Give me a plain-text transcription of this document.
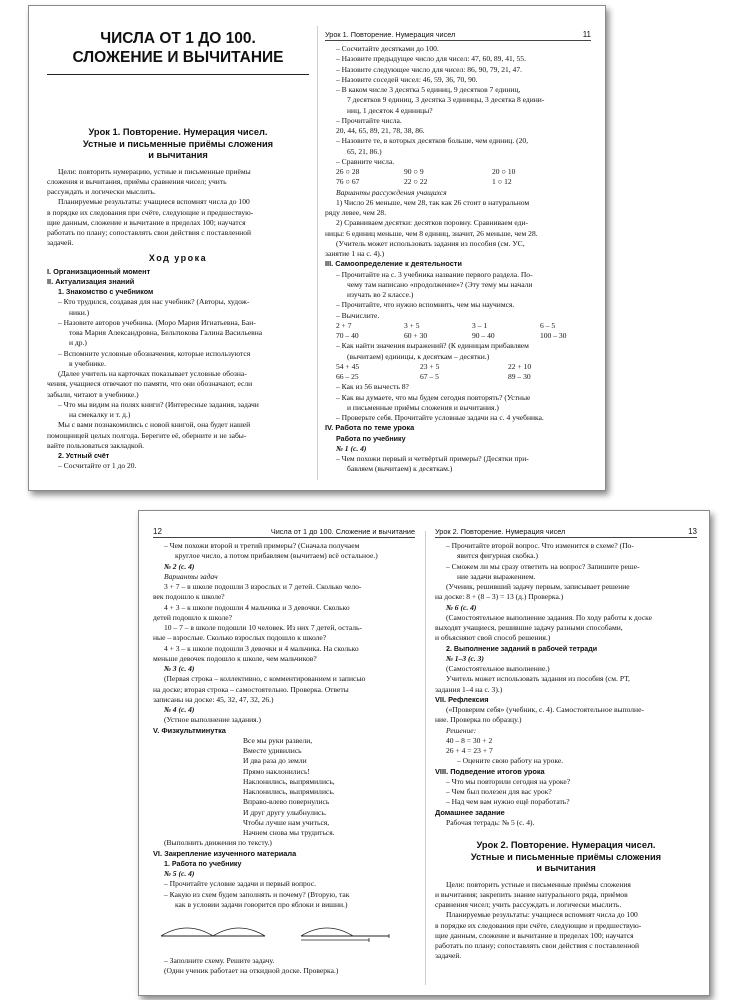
ЧИСЛА ОТ 1 ДО 100.
СЛОЖЕНИЕ И ВЫЧИТАНИЕ
Урок 1. Повторение. Нумерация чисел.
Устные и письменные приёмы сложения
и вычитания
Цели: повторить нумерацию, устные и письменные приёмы
сложения и вычитания, приёмы сравнения чисел; учить
рассуждать и логически мыслить.
Планируемые результаты: учащиеся вспомнят числа до 100
в порядке их следования при счёте, следующие и предшествую-
щие данным, сложение и вычитание в пределах 100; научатся
работать по плану; сопоставлять свои действия с поставленной
задачей.
Ход урока
I. Организационный момент
II. Актуализация знаний
1. Знакомство с учебником
– Кто трудился, создавая для нас учебник? (Авторы, худож-
ники.)
– Назовите авторов учебника. (Моро Мария Игнатьевна, Бан-
това Мария Александровна, Бельтюкова Галина Васильевна
и др.)
– Вспомните условные обозначения, которые используются
в учебнике.
(Далее учитель на карточках показывает условные обозна-
чения, учащиеся отвечают по памяти, что они обозначают, если
забыли, читают в учебнике.)
– Что мы видим на полях книги? (Интересные задания, задачи
на смекалку и т. д.)
Мы с вами познакомились с новой книгой, она будет нашей
помощницей целых полгода. Берегите её, оберните и не забы-
вайте пользоваться закладкой.
2. Устный счёт
– Сосчитайте от 1 до 20.
Урок 1. Повторение. Нумерация чисел	11
– Сосчитайте десятками до 100.
– Назовите предыдущее число для чисел: 47, 60, 89, 41, 55.
– Назовите следующее число для чисел: 86, 90, 79, 21, 47.
– Назовите соседей чисел: 46, 59, 36, 70, 90.
– В каком числе 3 десятка 5 единиц, 9 десятков 7 единиц,
7 десятков 9 единиц, 3 десятка 3 единицы, 3 десятка 8 едини-
ниц, 1 десяток 4 единицы?
– Прочитайте числа.
20, 44, 65, 89, 21, 78, 38, 86.
– Назовите те, в которых десятков больше, чем единиц. (20,
65, 21, 86.)
– Сравните числа.
26 ○ 28	90 ○ 9	20 ○ 10
76 ○ 67	22 ○ 22	1 ○ 12
Варианты рассуждения учащихся
1) Число 26 меньше, чем 28, так как 26 стоит в натуральном
ряду левее, чем 28.
2) Сравниваем десятки: десятков поровну. Сравниваем еди-
ницы: 6 единиц меньше, чем 8 единиц, значит, 26 меньше, чем 28.
(Учитель может использовать задания из пособия (см. УС,
занятие 1 на с. 4).)
III. Самоопределение к деятельности
– Прочитайте на с. 3 учебника название первого раздела. По-
чему там написано «продолжение»? (Эту тему мы начали
изучать во 2 классе.)
– Прочитайте, что нужно вспомнить, чем мы научимся.
– Вычислите.
2 + 7	3 + 5	3 – 1	6 – 5
70 – 40	60 + 30	90 – 40	100 – 30
– Как найти значения выражений? (К единицам прибавляем
(вычитаем) единицы, к десяткам – десятки.)
54 + 45	23 + 5	22 + 10
66 – 25	67 – 5	89 – 30
– Как из 56 вычесть 8?
– Как вы думаете, что мы будем сегодня повторять? (Устные
и письменные приёмы сложения и вычитания.)
– Проверьте себя. Прочитайте условные задачи на с. 4 учебника.
IV. Работа по теме урока
Работа по учебнику
№ 1 (с. 4)
– Чем похожи первый и четвёртый примеры? (Десятки при-
бавляем (вычитаем) к десяткам.)
12	Числа от 1 до 100. Сложение и вычитание
– Чем похожи второй и третий примеры? (Сначала получаем
круглое число, а потом прибавляем (вычитаем) всё остальное.)
№ 2 (с. 4)
Варианты задач
3 + 7 – в школе подошли 3 взрослых и 7 детей. Сколько чело-
век подошло к школе?
4 + 3 – к школе подошли 4 мальчика и 3 девочки. Сколько
детей подошло к школе?
10 – 7 – в школе подошли 10 человек. Из них 7 детей, осталь-
ные – взрослые. Сколько взрослых подошло к школе?
4 + 3 – к школе подошли 3 девочки и 4 мальчика. На сколько
меньше девочек подошло к школе, чем мальчиков?
№ 3 (с. 4)
(Первая строка – коллективно, с комментированием и записью
на доске; вторая строка – самостоятельно. Проверка. Ответы
записаны на доске: 45, 32, 47, 32, 26.)
№ 4 (с. 4)
(Устное выполнение задания.)
V. Физкультминутка
Все мы руки развели,
Вместе удивились
И два раза до земли
Прямо наклонились!
Наклонились, выпрямились,
Наклонились, выпрямились.
Вправо-влево повернулись
И друг другу улыбнулись.
Чтобы лучше нам учиться,
Начнем снова мы трудиться.
(Выполнить движения по тексту.)
VI. Закрепление изученного материала
1. Работа по учебнику
№ 5 (с. 4)
– Прочитайте условие задачи и первый вопрос.
– Какую из схем будем заполнять и почему? (Вторую, так
как в условии задачи говорится про яблоки и вишни.)
– Заполните схему. Решите задачу.
(Один ученик работает на откидной доске. Проверка.)
Урок 2. Повторение. Нумерация чисел	13
– Прочитайте второй вопрос. Что изменится в схеме? (По-
явится фигурная скобка.)
– Сможем ли мы сразу ответить на вопрос? Запишите реше-
ние задачи выражением.
(Ученик, решивший задачу первым, записывает решение
на доске: 8 + (8 – 3) = 13 (д.) Проверка.)
№ 6 (с. 4)
(Самостоятельное выполнение задания. По ходу работы к доске
выходят учащиеся, решившие задачу разными способами,
и объясняют свой способ решения.)
2. Выполнение заданий в рабочей тетради
№ 1–3 (с. 3)
(Самостоятельное выполнение.)
Учитель может использовать задания из пособия (см. РТ,
задания 1–4 на с. 3).)
VII. Рефлексия
(«Проверим себя» (учебник, с. 4). Самостоятельное выполне-
ние. Проверка по образцу.)
Решение:
40 – 8 = 30 + 2
26 + 4 = 23 + 7
– Оцените свою работу на уроке.
VIII. Подведение итогов урока
– Что мы повторили сегодня на уроке?
– Чем был полезен для вас урок?
– Над чем вам нужно ещё поработать?
Домашнее задание
Рабочая тетрадь: № 5 (с. 4).
Урок 2. Повторение. Нумерация чисел.
Устные и письменные приёмы сложения
и вычитания
Цели: повторить устные и письменные приёмы сложения
и вычитания; закрепить знание натурального ряда, приёмов
сравнения чисел; учить рассуждать и логически мыслить.
Планируемые результаты: учащиеся вспомнят числа до 100
в порядке их следования при счёте, следующие и предшествую-
щие данным, сложение и вычитание в пределах 100; научатся
работать по плану; сопоставлять свои действия с поставленной
задачей.
